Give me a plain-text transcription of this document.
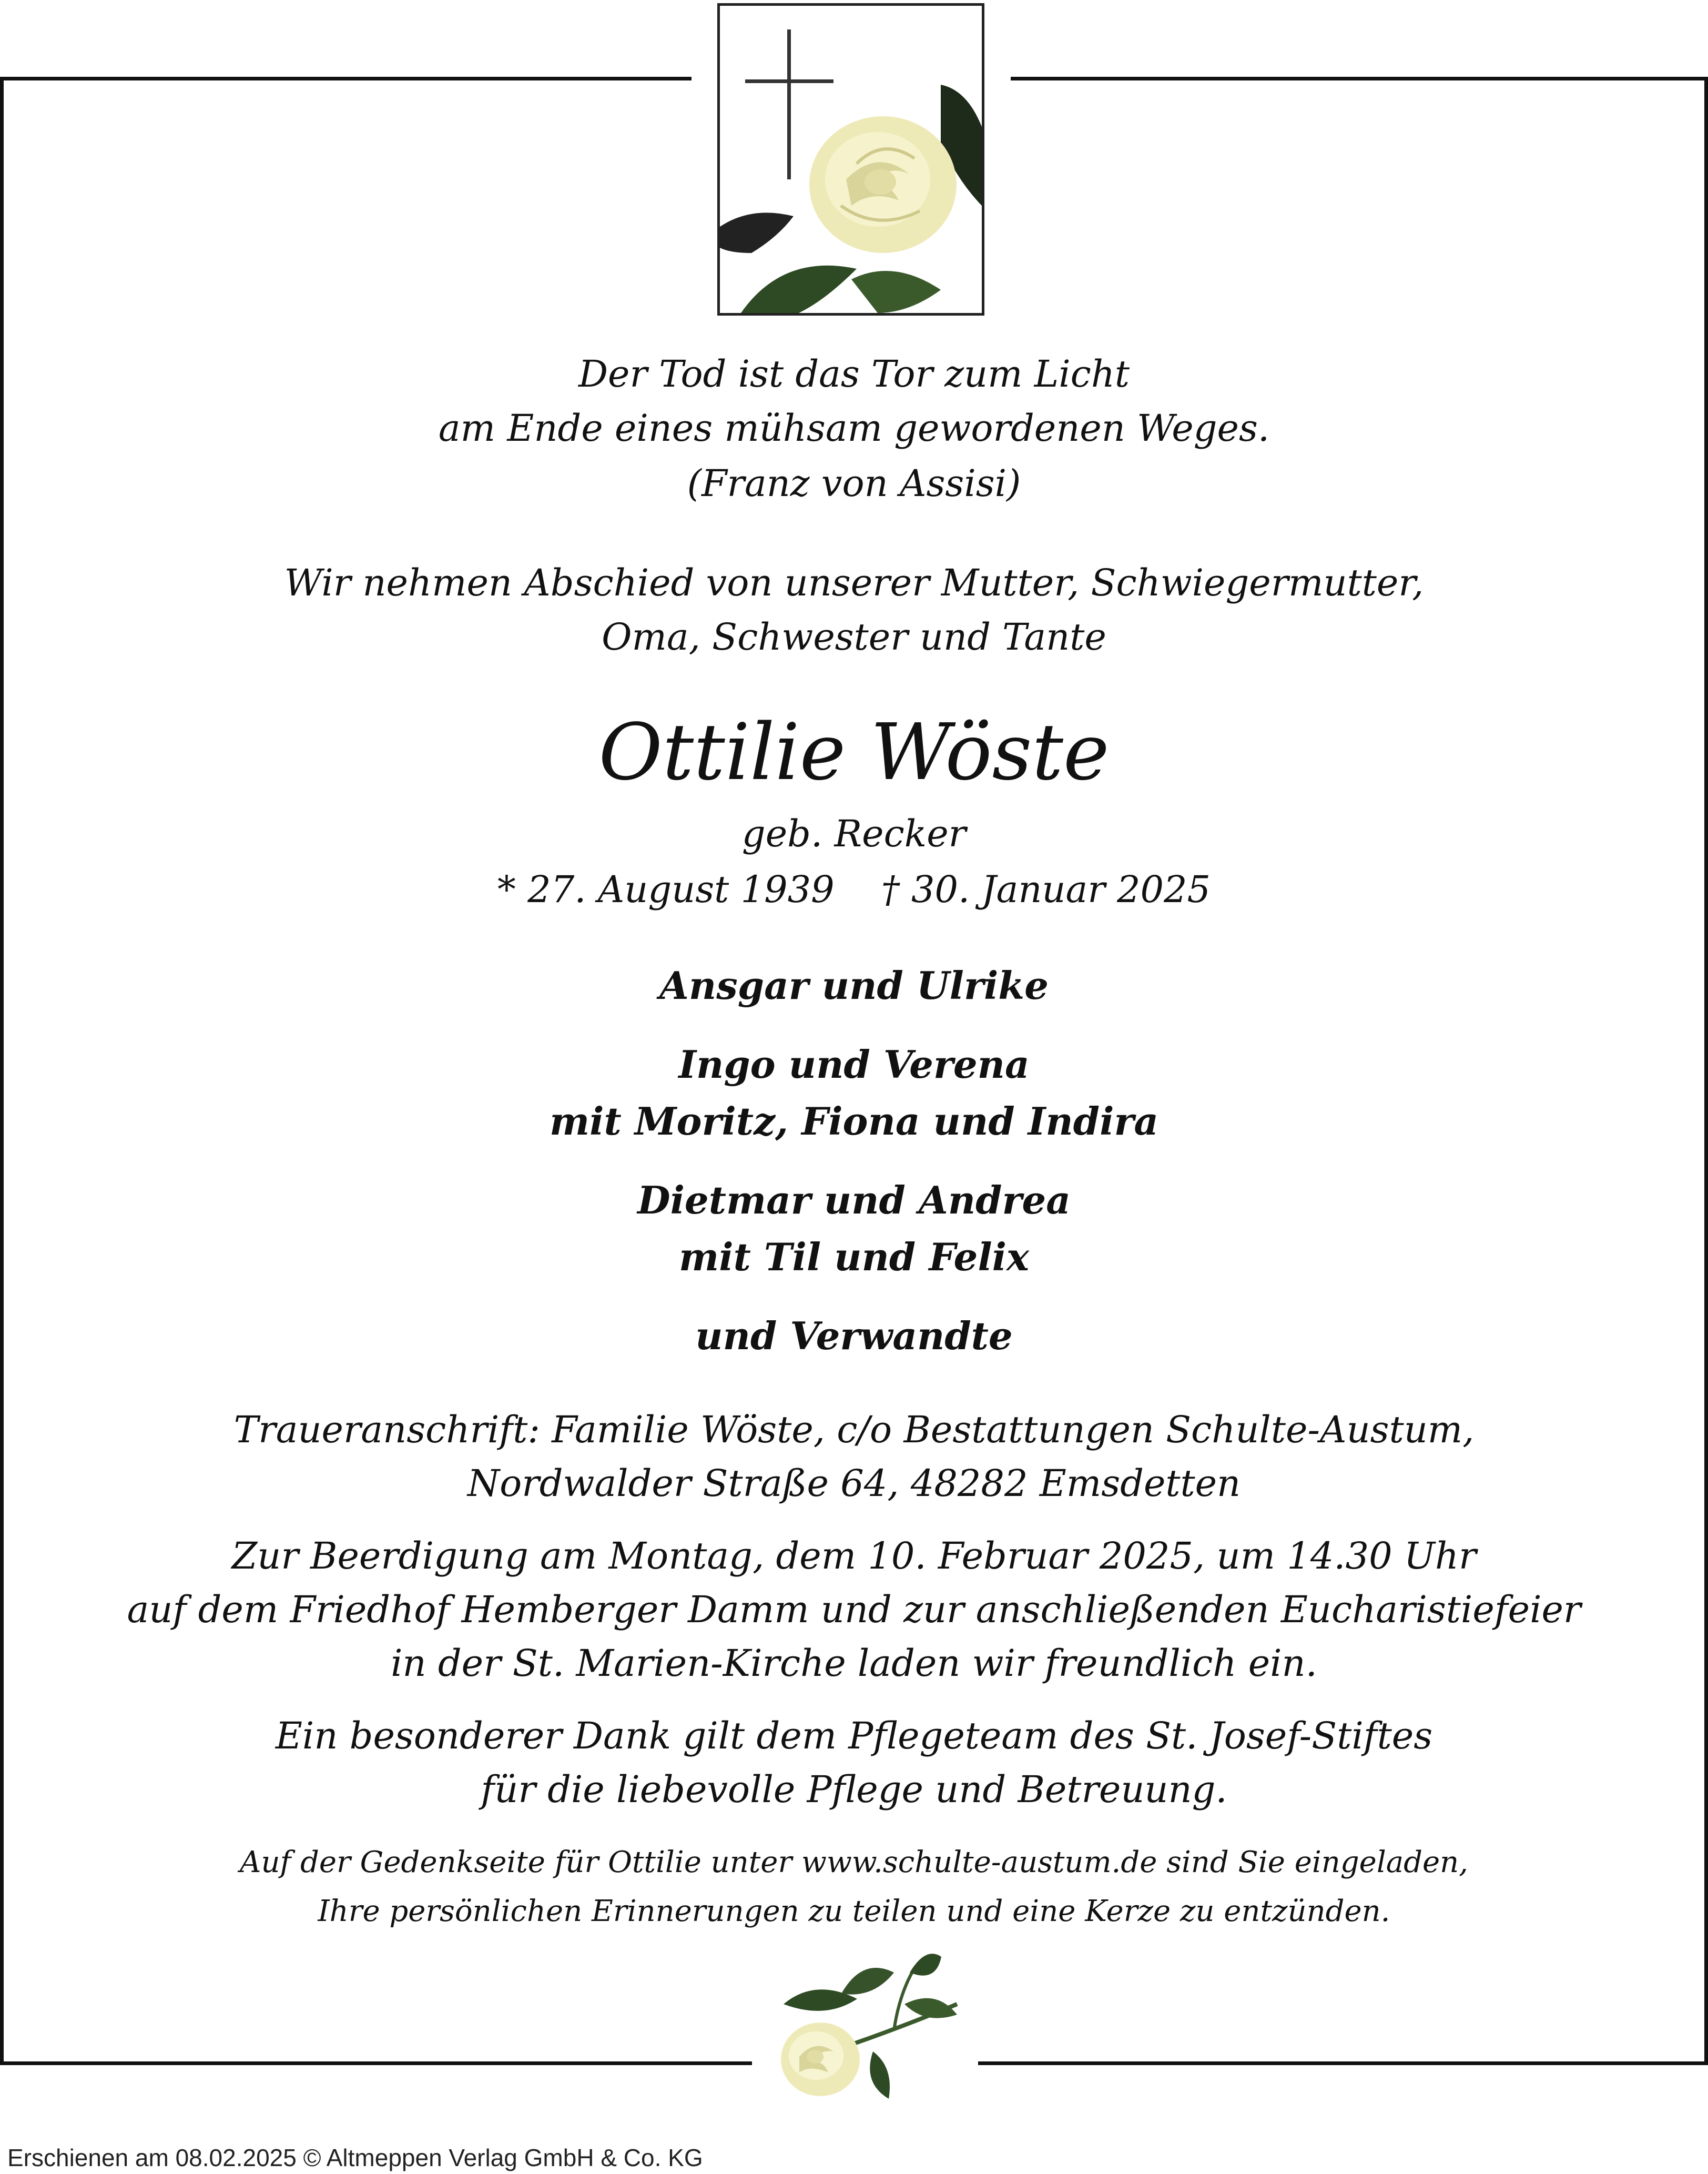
Der Tod ist das Tor zum Licht
am Ende eines mühsam gewordenen Weges.
(Franz von Assisi)
Wir nehmen Abschied von unserer Mutter, Schwiegermutter,
Oma, Schwester und Tante
Ottilie Wöste
geb. Recker
* 27. August 1939    † 30. Januar 2025
Ansgar und Ulrike
Ingo und Verena
mit Moritz, Fiona und Indira
Dietmar und Andrea
mit Til und Felix
und Verwandte
Traueranschrift: Familie Wöste, c/o Bestattungen Schulte-Austum,
Nordwalder Straße 64, 48282 Emsdetten
Zur Beerdigung am Montag, dem 10. Februar 2025, um 14.30 Uhr
auf dem Friedhof Hemberger Damm und zur anschließenden Eucharistiefeier
in der St. Marien-Kirche laden wir freundlich ein.
Ein besonderer Dank gilt dem Pflegeteam des St. Josef-Stiftes
für die liebevolle Pflege und Betreuung.
Auf der Gedenkseite für Ottilie unter www.schulte-austum.de sind Sie eingeladen,
Ihre persönlichen Erinnerungen zu teilen und eine Kerze zu entzünden.
Erschienen am 08.02.2025 © Altmeppen Verlag GmbH & Co. KG
